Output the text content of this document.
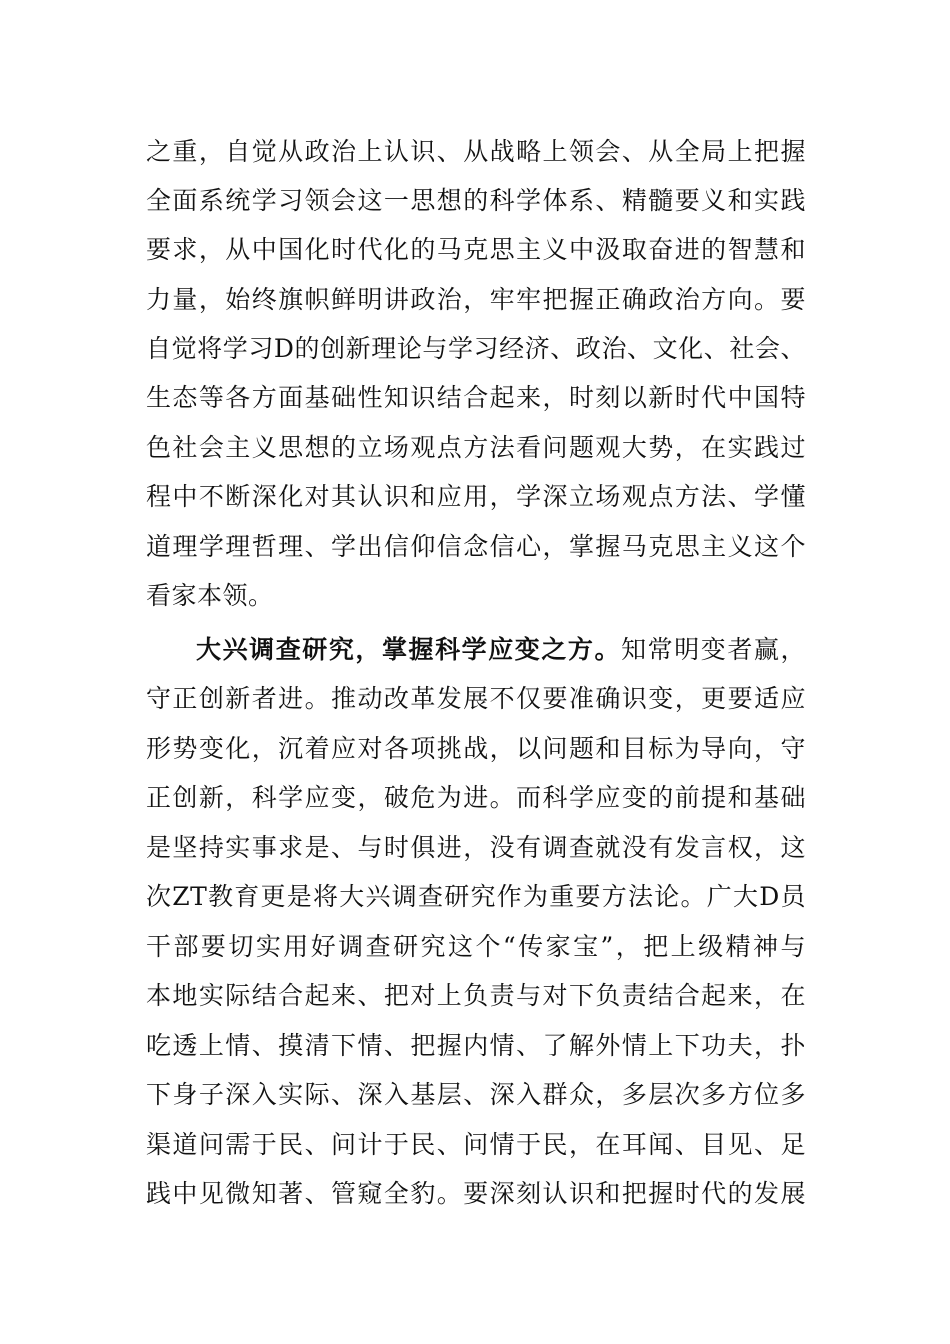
之重，自觉从政治上认识、从战略上领会、从全局上把握
全面系统学习领会这一思想的科学体系、精髓要义和实践
要求，从中国化时代化的马克思主义中汲取奋进的智慧和
力量，始终旗帜鲜明讲政治，牢牢把握正确政治方向。要
自觉将学习D的创新理论与学习经济、政治、文化、社会、
生态等各方面基础性知识结合起来，时刻以新时代中国特
色社会主义思想的立场观点方法看问题观大势，在实践过
程中不断深化对其认识和应用，学深立场观点方法、学懂
道理学理哲理、学出信仰信念信心，掌握马克思主义这个
看家本领。
大兴调查研究，掌握科学应变之方。知常明变者赢，
守正创新者进。推动改革发展不仅要准确识变，更要适应
形势变化，沉着应对各项挑战，以问题和目标为导向，守
正创新，科学应变，破危为进。而科学应变的前提和基础
是坚持实事求是、与时俱进，没有调查就没有发言权，这
次ZT教育更是将大兴调查研究作为重要方法论。广大D员
干部要切实用好调查研究这个“传家宝”，把上级精神与
本地实际结合起来、把对上负责与对下负责结合起来，在
吃透上情、摸清下情、把握内情、了解外情上下功夫，扑
下身子深入实际、深入基层、深入群众，多层次多方位多
渠道问需于民、问计于民、问情于民，在耳闻、目见、足
践中见微知著、管窥全豹。要深刻认识和把握时代的发展
